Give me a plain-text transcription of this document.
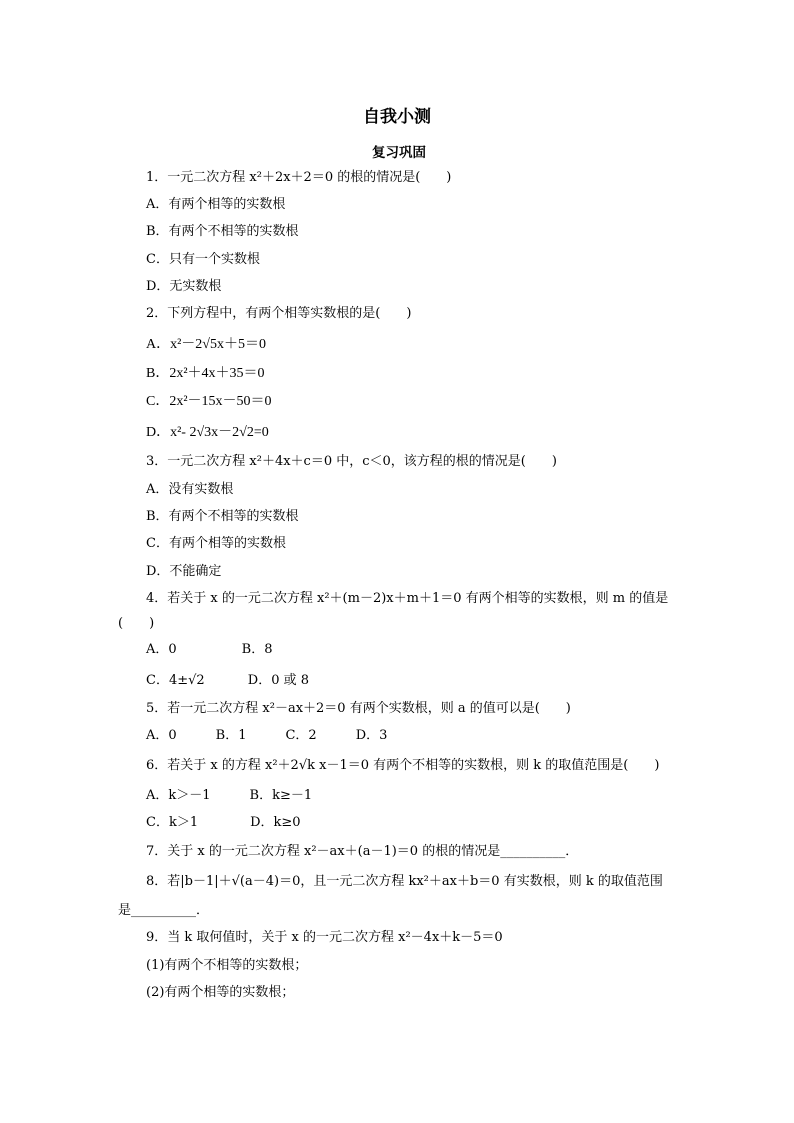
自我小测
复习巩固
1．一元二次方程 x²＋2x＋2＝0 的根的情况是(　　)
A．有两个相等的实数根
B．有两个不相等的实数根
C．只有一个实数根
D．无实数根
2．下列方程中，有两个相等实数根的是(　　)
A．x²－2√5x＋5＝0
B．2x²＋4x＋35＝0
C．2x²－15x－50＝0
D．x²- 2√3x－2√2=0
3．一元二次方程 x²＋4x＋c＝0 中，c＜0，该方程的根的情况是(　　)
A．没有实数根
B．有两个不相等的实数根
C．有两个相等的实数根
D．不能确定
4．若关于 x 的一元二次方程 x²＋(m－2)x＋m＋1＝0 有两个相等的实数根，则 m 的值是
(　　)
A．0　　　　　B．8
C．4±√2　　　 D．0 或 8
5．若一元二次方程 x²－ax＋2＝0 有两个实数根，则 a 的值可以是(　　)
A．0　　　B．1　　　C．2　　　D．3
6．若关于 x 的方程 x²＋2√k x－1＝0 有两个不相等的实数根，则 k 的取值范围是(　　)
A．k＞－1　　　B．k≥－1
C．k＞1　　　　D．k≥0
7．关于 x 的一元二次方程 x²－ax＋(a－1)＝0 的根的情况是__________．
8．若|b－1|＋√(a－4)＝0，且一元二次方程 kx²＋ax＋b＝0 有实数根，则 k 的取值范围
是__________．
9．当 k 取何值时，关于 x 的一元二次方程 x²－4x＋k－5＝0
(1)有两个不相等的实数根；
(2)有两个相等的实数根；
